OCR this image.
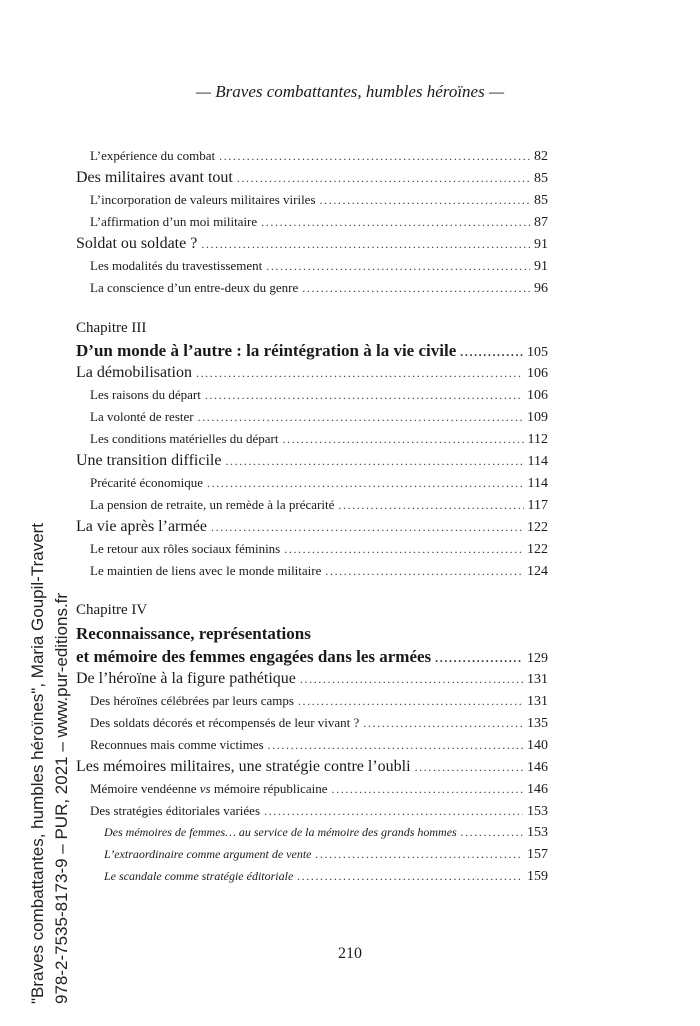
— Braves combattantes, humbles héroïnes —
L’expérience du combat .....	82
Des militaires avant tout .....	85
L’incorporation de valeurs militaires viriles .....	85
L’affirmation d’un moi militaire .....	87
Soldat ou soldate ? .....	91
Les modalités du travestissement .....	91
La conscience d’un entre-deux du genre .....	96
Chapitre III
D’un monde à l’autre : la réintégration à la vie civile .....	105
La démobilisation .....	106
Les raisons du départ .....	106
La volonté de rester .....	109
Les conditions matérielles du départ .....	112
Une transition difficile .....	114
Précarité économique .....	114
La pension de retraite, un remède à la précarité .....	117
La vie après l’armée .....	122
Le retour aux rôles sociaux féminins .....	122
Le maintien de liens avec le monde militaire .....	124
Chapitre IV
Reconnaissance, représentations
et mémoire des femmes engagées dans les armées .....	129
De l’héroïne à la figure pathétique .....	131
Des héroïnes célébrées par leurs camps .....	131
Des soldats décorés et récompensés de leur vivant ? .....	135
Reconnues mais comme victimes .....	140
Les mémoires militaires, une stratégie contre l’oubli .....	146
Mémoire vendéenne vs mémoire républicaine .....	146
Des stratégies éditoriales variées .....	153
Des mémoires de femmes… au service de la mémoire des grands hommes .....	153
L’extraordinaire comme argument de vente .....	157
Le scandale comme stratégie éditoriale .....	159
210
"Braves combattantes, humbles héroïnes", Maria Goupil-Travert 978-2-7535-8173-9 – PUR, 2021 – www.pur-editions.fr
